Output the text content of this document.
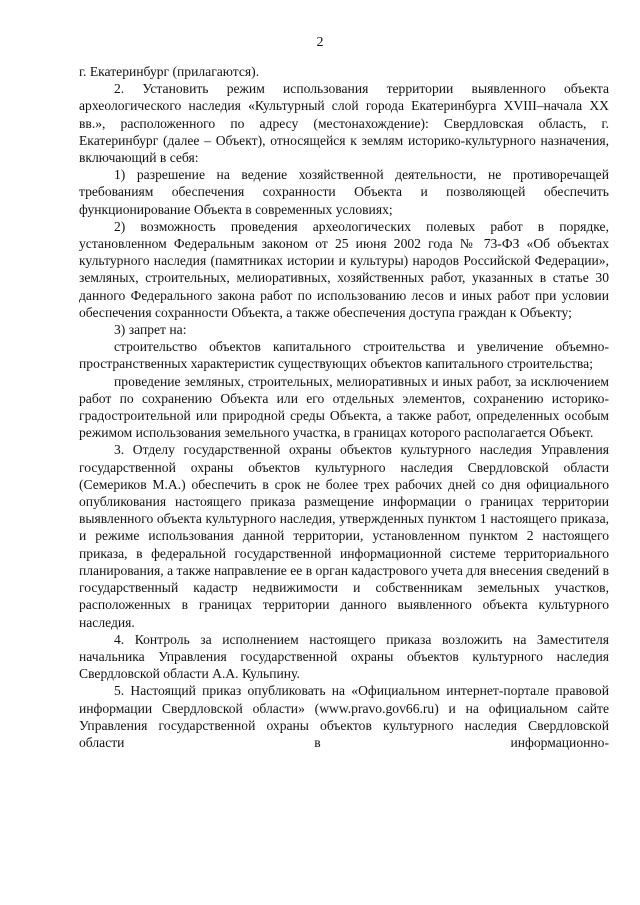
2

г. Екатеринбург (прилагаются).

2. Установить режим использования территории выявленного объекта археологического наследия «Культурный слой города Екатеринбурга XVIII–начала XX вв.», расположенного по адресу (местонахождение): Свердловская область, г. Екатеринбург (далее – Объект), относящейся к землям историко-культурного назначения, включающий в себя:

1) разрешение на ведение хозяйственной деятельности, не противоречащей требованиям обеспечения сохранности Объекта и позволяющей обеспечить функционирование Объекта в современных условиях;

2) возможность проведения археологических полевых работ в порядке, установленном Федеральным законом от 25 июня 2002 года № 73-ФЗ «Об объектах культурного наследия (памятниках истории и культуры) народов Российской Федерации», земляных, строительных, мелиоративных, хозяйственных работ, указанных в статье 30 данного Федерального закона работ по использованию лесов и иных работ при условии обеспечения сохранности Объекта, а также обеспечения доступа граждан к Объекту;

3) запрет на:

строительство объектов капитального строительства и увеличение объемно-пространственных характеристик существующих объектов капитального строительства;

проведение земляных, строительных, мелиоративных и иных работ, за исключением работ по сохранению Объекта или его отдельных элементов, сохранению историко-градостроительной или природной среды Объекта, а также работ, определенных особым режимом использования земельного участка, в границах которого располагается Объект.

3. Отделу государственной охраны объектов культурного наследия Управления государственной охраны объектов культурного наследия Свердловской области (Семериков М.А.) обеспечить в срок не более трех рабочих дней со дня официального опубликования настоящего приказа размещение информации о границах территории выявленного объекта культурного наследия, утвержденных пунктом 1 настоящего приказа, и режиме использования данной территории, установленном пунктом 2 настоящего приказа, в федеральной государственной информационной системе территориального планирования, а также направление ее в орган кадастрового учета для внесения сведений в государственный кадастр недвижимости и собственникам земельных участков, расположенных в границах территории данного выявленного объекта культурного наследия.

4. Контроль за исполнением настоящего приказа возложить на Заместителя начальника Управления государственной охраны объектов культурного наследия Свердловской области А.А. Кульпину.

5. Настоящий приказ опубликовать на «Официальном интернет-портале правовой информации Свердловской области» (www.pravo.gov66.ru) и на официальном сайте Управления государственной охраны объектов культурного наследия Свердловской области в информационно-
